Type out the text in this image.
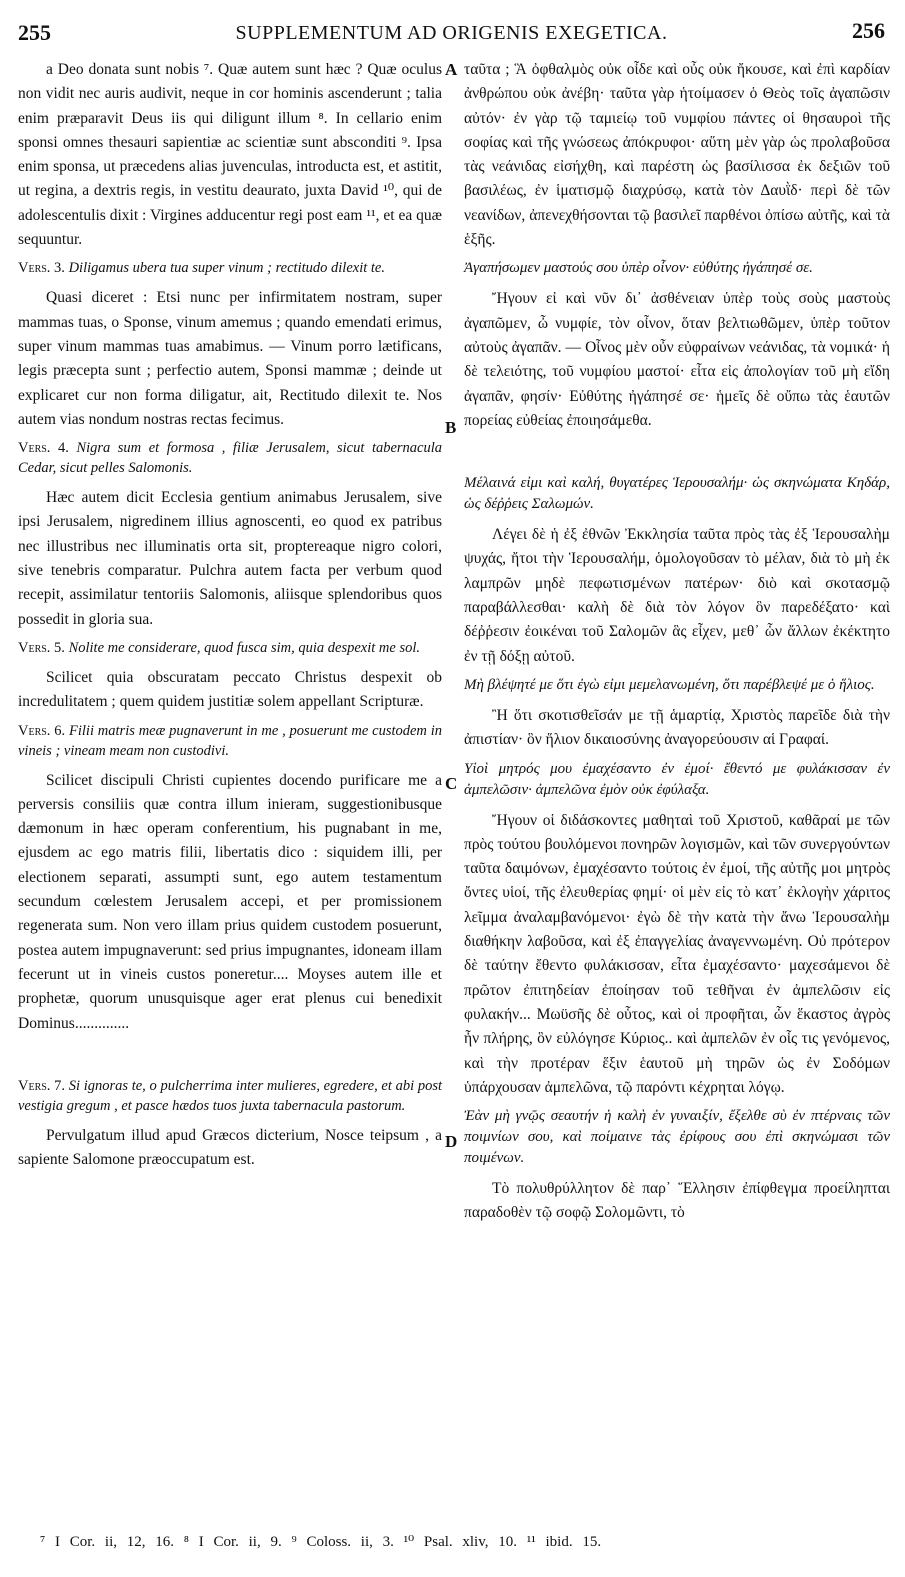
255	SUPPLEMENTUM AD ORIGENIS EXEGETICA.	256

a Deo donata sunt nobis ⁷. Quæ autem sunt hæc ? Quæ oculus non vidit nec auris audivit, neque in cor hominis ascenderunt ; talia enim præparavit Deus iis qui diligunt illum ⁸. In cellario enim sponsi omnes thesauri sapientiæ ac scientiæ sunt absconditi ⁹. Ipsa enim sponsa, ut præcedens alias juvenculas, introducta est, et astitit, ut regina, a dextris regis, in vestitu deaurato, juxta David ¹⁰, qui de adolescentulis dixit : Virgines adducentur regi post eam ¹¹, et ea quæ sequuntur.

Vers. 3. Diligamus ubera tua super vinum ; rectitudo dilexit te.

Quasi diceret : Etsi nunc per infirmitatem nostram, super mammas tuas, o Sponse, vinum amemus ; quando emendati erimus, super vinum mammas tuas amabimus. — Vinum porro lætificans, legis præcepta sunt ; perfectio autem, Sponsi mammæ ; deinde ut explicaret cur non forma diligatur, ait, Rectitudo dilexit te. Nos autem vias nondum nostras rectas fecimus.

Vers. 4. Nigra sum et formosa , filiæ Jerusalem, sicut tabernacula Cedar, sicut pelles Salomonis.

Hæc autem dicit Ecclesia gentium animabus Jerusalem, sive ipsi Jerusalem, nigredinem illius agnoscenti, eo quod ex patribus nec illustribus nec illuminatis orta sit, proptereaque nigro colori, sive tenebris comparatur. Pulchra autem facta per verbum quod recepit, assimilatur tentoriis Salomonis, aliisque splendoribus quos possedit in gloria sua.

Vers. 5. Nolite me considerare, quod fusca sim, quia despexit me sol.

Scilicet quia obscuratam peccato Christus despexit ob incredulitatem ; quem quidem justitiæ solem appellant Scripturæ.

Vers. 6. Filii matris meæ pugnaverunt in me , posuerunt me custodem in vineis ; vineam meam non custodivi.

Scilicet discipuli Christi cupientes docendo purificare me a perversis consiliis quæ contra illum inieram, suggestionibusque dæmonum in hæc operam conferentium, his pugnabant in me, ejusdem ac ego matris filii, libertatis dico : siquidem illi, per electionem separati, assumpti sunt, ego autem testamentum secundum cœlestem Jerusalem accepi, et per promissionem regenerata sum. Non vero illam prius quidem custodem posuerunt, postea autem impugnaverunt: sed prius impugnantes, idoneam illam fecerunt ut in vineis custos poneretur.... Moyses autem ille et prophetæ, quorum unusquisque ager erat plenus cui benedixit Dominus..............

Vers. 7. Si ignoras te, o pulcherrima inter mulieres, egredere, et abi post vestigia gregum , et pasce hædos tuos juxta tabernacula pastorum.

Pervulgatum illud apud Græcos dicterium, Nosce teipsum , a sapiente Salomone præoccupatum est.

ταῦτα ; Ἃ ὀφθαλμὸς οὐκ οἶδε καὶ οὖς οὐκ ἤκουσε, καὶ ἐπὶ καρδίαν ἀνθρώπου οὐκ ἀνέβη· ταῦτα γὰρ ἡτοίμασεν ὁ Θεὸς τοῖς ἀγαπῶσιν αὐτόν· ἐν γὰρ τῷ ταμιείῳ τοῦ νυμφίου πάντες οἱ θησαυροὶ τῆς σοφίας καὶ τῆς γνώσεως ἀπόκρυφοι· αὕτη μὲν γὰρ ὡς προλαβοῦσα τὰς νεάνιδας εἰσήχθη, καὶ παρέστη ὡς βασίλισσα ἐκ δεξιῶν τοῦ βασιλέως, ἐν ἱματισμῷ διαχρύσῳ, κατὰ τὸν Δαυῒδ· περὶ δὲ τῶν νεανίδων, ἀπενεχθήσονται τῷ βασιλεῖ παρθένοι ὀπίσω αὐτῆς, καὶ τὰ ἑξῆς.

Ἀγαπήσωμεν μαστούς σου ὑπὲρ οἶνον· εὐθύτης ἠγάπησέ σε.

Ἤγουν εἰ καὶ νῦν δι᾽ ἀσθένειαν ὑπὲρ τοὺς σοὺς μαστοὺς ἀγαπῶμεν, ὦ νυμφίε, τὸν οἶνον, ὅταν βελτιωθῶμεν, ὑπὲρ τοῦτον αὐτοὺς ἀγαπᾶν. — Οἶνος μὲν οὖν εὐφραίνων νεάνιδας, τὰ νομικά· ἡ δὲ τελειότης, τοῦ νυμφίου μαστοί· εἶτα εἰς ἀπολογίαν τοῦ μὴ εἴδη ἀγαπᾶν, φησίν· Εὐθύτης ἠγάπησέ σε· ἡμεῖς δὲ οὔπω τὰς ἑαυτῶν πορείας εὐθείας ἐποιησάμεθα.

Μέλαινά εἰμι καὶ καλή, θυγατέρες Ἱερουσαλήμ· ὡς σκηνώματα Κηδάρ, ὡς δέῤῥεις Σαλωμών.

Λέγει δὲ ἡ ἐξ ἐθνῶν Ἐκκλησία ταῦτα πρὸς τὰς ἐξ Ἱερουσαλὴμ ψυχάς, ἤτοι τὴν Ἱερουσαλήμ, ὁμολογοῦσαν τὸ μέλαν, διὰ τὸ μὴ ἐκ λαμπρῶν μηδὲ πεφωτισμένων πατέρων· διὸ καὶ σκοτασμῷ παραβάλλεσθαι· καλὴ δὲ διὰ τὸν λόγον ὃν παρεδέξατο· καὶ δέῤῥεσιν ἐοικέναι τοῦ Σαλομῶν ἃς εἶχεν, μεθ᾽ ὧν ἄλλων ἐκέκτητο ἐν τῇ δόξῃ αὐτοῦ.

Μὴ βλέψητέ με ὅτι ἐγὼ εἰμι μεμελανωμένη, ὅτι παρέβλεψέ με ὁ ἥλιος.

Ἢ ὅτι σκοτισθεῖσάν με τῇ ἁμαρτίᾳ, Χριστὸς παρεῖδε διὰ τὴν ἀπιστίαν· ὃν ἥλιον δικαιοσύνης ἀναγορεύουσιν αἱ Γραφαί.

Υἱοὶ μητρός μου ἐμαχέσαντο ἐν ἐμοί· ἔθεντό με φυλάκισσαν ἐν ἀμπελῶσιν· ἀμπελῶνα ἐμὸν οὐκ ἐφύλαξα.

Ἤγουν οἱ διδάσκοντες μαθηταὶ τοῦ Χριστοῦ, καθᾶραί με τῶν πρὸς τούτου βουλόμενοι πονηρῶν λογισμῶν, καὶ τῶν συνεργούντων ταῦτα δαιμόνων, ἐμαχέσαντο τούτοις ἐν ἐμοί, τῆς αὐτῆς μοι μητρὸς ὄντες υἱοί, τῆς ἐλευθερίας φημί· οἱ μὲν εἰς τὸ κατ᾽ ἐκλογὴν χάριτος λεῖμμα ἀναλαμβανόμενοι· ἐγὼ δὲ τὴν κατὰ τὴν ἄνω Ἱερουσαλὴμ διαθήκην λαβοῦσα, καὶ ἐξ ἐπαγγελίας ἀναγεννωμένη. Οὐ πρότερον δὲ ταύτην ἔθεντο φυλάκισσαν, εἶτα ἐμαχέσαντο· μαχεσάμενοι δὲ πρῶτον ἐπιτηδείαν ἐποίησαν τοῦ τεθῆναι ἐν ἀμπελῶσιν εἰς φυλακήν... Μωϋσῆς δὲ οὗτος, καὶ οἱ προφῆται, ὧν ἕκαστος ἀγρὸς ἦν πλήρης, ὃν εὐλόγησε Κύριος.. καὶ ἀμπελῶν ἐν οἷς τις γενόμενος, καὶ τὴν προτέραν ἕξιν ἑαυτοῦ μὴ τηρῶν ὡς ἐν Σοδόμων ὑπάρχουσαν ἀμπελῶνα, τῷ παρόντι κέχρηται λόγῳ.

Ἐὰν μὴ γνῷς σεαυτήν ἡ καλὴ ἐν γυναιξίν, ἔξελθε σὺ ἐν πτέρναις τῶν ποιμνίων σου, καὶ ποίμαινε τὰς ἐρίφους σου ἐπὶ σκηνώμασι τῶν ποιμένων.

Τὸ πολυθρύλλητον δὲ παρ᾽ Ἕλλησιν ἐπίφθεγμα προείληπται παραδοθὲν τῷ σοφῷ Σολομῶντι, τὸ

A
B
C
D
⁷ I Cor. ii, 12, 16. ⁸ I Cor. ii, 9. ⁹ Coloss. ii, 3. ¹⁰ Psal. xliv, 10. ¹¹ ibid. 15.
